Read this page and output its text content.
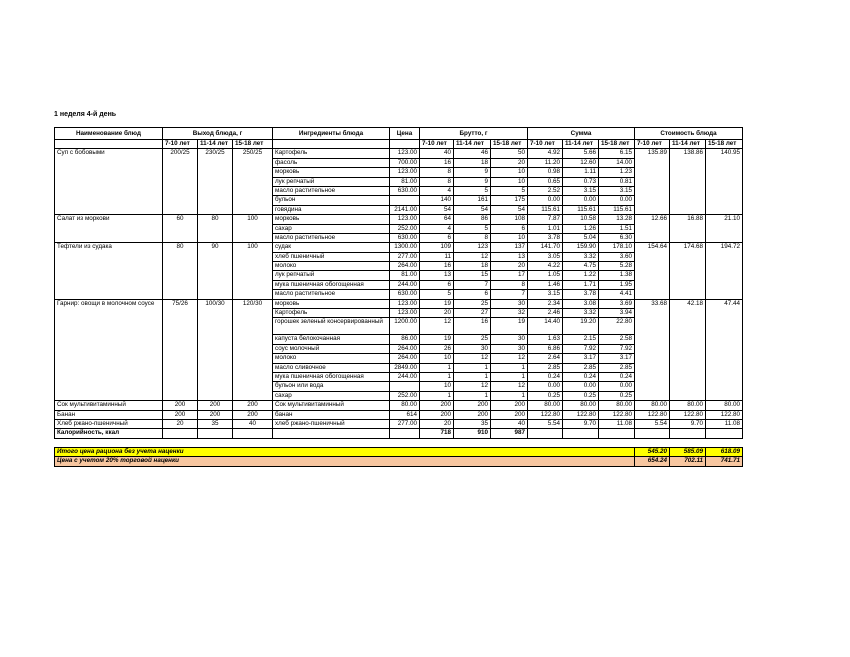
1 неделя 4-й день
Наименование блюд	Выход блюда, г			Ингредиенты блюда	Цена	Брутто, г			Сумма			Стоимость блюда		
	7-10 лет	11-14 лет	15-18 лет			7-10 лет	11-14 лет	15-18 лет	7-10 лет	11-14 лет	15-18 лет	7-10 лет	11-14 лет	15-18 лет
Суп с бобовыми	200/25	230/25	250/25	Картофель	123.00	40	46	50	4.92	5.66	6.15	135.89	138.86	140.95
				фасоль	700.00	16	18	20	11.20	12.60	14.00			
				морковь	123.00	8	9	10	0.98	1.11	1.23			
				лук репчатый	81.00	8	9	10	0.65	0.73	0.81			
				масло растительное	630.00	4	5	5	2.52	3.15	3.15			
				бульон		140	161	175	0.00	0.00	0.00			
				говядина	2141.00	54	54	54	115.61	115.61	115.61			
Салат из моркови	60	80	100	морковь	123.00	64	86	108	7.87	10.58	13.28	12.66	16.88	21.10
				сахар	252.00	4	5	6	1.01	1.26	1.51			
				масло растительное	630.00	6	8	10	3.78	5.04	6.30			
Тефтели из судака	80	90	100	судак	1300.00	109	123	137	141.70	159.90	178.10	154.64	174.68	194.72
				хлеб пшеничный	277.00	11	12	13	3.05	3.32	3.60			
				молоко	264.00	16	18	20	4.22	4.75	5.28			
				лук репчатый	81.00	13	15	17	1.05	1.22	1.38			
				мука пшеничная обогощенная	244.00	6	7	8	1.46	1.71	1.95			
				масло растительное	630.00	5	6	7	3.15	3.78	4.41			
Гарнир: овощи в молочном соусе	75/26	100/30	120/30	морковь	123.00	19	25	30	2.34	3.08	3.69	33.68	42.18	47.44
				Картофель	123.00	20	27	32	2.46	3.32	3.94			
				горошек зеленый консервированный	1200.00	12	16	19	14.40	19.20	22.80			
				капуста белокочанная	86.00	19	25	30	1.63	2.15	2.58			
				соус молочный	264.00	26	30	30	6.86	7.92	7.92			
				молоко	264.00	10	12	12	2.64	3.17	3.17			
				масло сливочное	2849.00	1	1	1	2.85	2.85	2.85			
				мука пшеничная обогощенная	244.00	1	1	1	0.24	0.24	0.24			
				бульон или вода		10	12	12	0.00	0.00	0.00			
				сахар	252.00	1	1	1	0.25	0.25	0.25			
Сок мультивитаминный	200	200	200	Сок мультивитаминный	80.00	200	200	200	80.00	80.00	80.00	80.00	80.00	80.00
Банан	200	200	200	банан	614	200	200	200	122.80	122.80	122.80	122.80	122.80	122.80
Хлеб ржано-пшеничный	20	35	40	хлеб ржано-пшеничный	277.00	20	35	40	5.54	9.70	11.08	5.54	9.70	11.08
Калорийность, ккал						718	910	987						

Итого цена рациона без учета наценки												545.20	585.09	618.09
Цена с учетом 20% торговой наценки												654.24	702.11	741.71
